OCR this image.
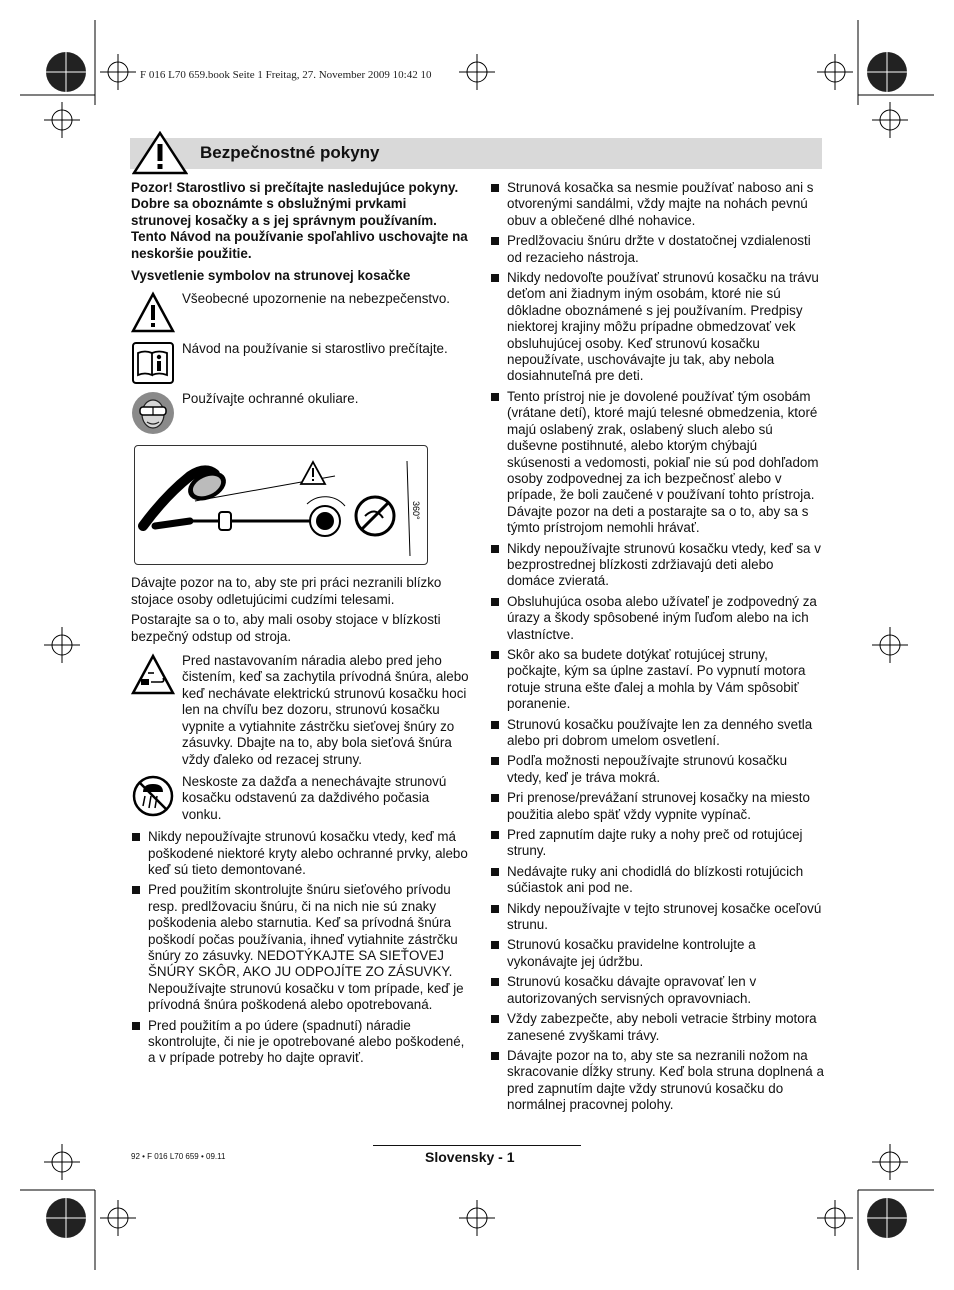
F 016 L70 659.book Seite 1 Freitag, 27. November 2009 10:42 10
Bezpečnostné pokyny

Pozor! Starostlivo si prečítajte nasledujúce pokyny. Dobre sa oboznámte s obslužnými prvkami strunovej kosačky a s jej správnym používaním. Tento Návod na používanie spoľahlivo uschovajte na neskoršie použitie.

Vysvetlenie symbolov na strunovej kosačke

Všeobecné upozornenie na nebezpečenstvo.
Návod na používanie si starostlivo prečítajte.
Používajte ochranné okuliare.
360°

Dávajte pozor na to, aby ste pri práci nezranili blízko stojace osoby odletujúcimi cudzími telesami.

Postarajte sa o to, aby mali osoby stojace v blízkosti bezpečný odstup od stroja.

Pred nastavovaním náradia alebo pred jeho čistením, keď sa zachytila prívodná šnúra, alebo keď nechávate elektrickú strunovú kosačku hoci len na chvíľu bez dozoru, strunovú kosačku vypnite a vytiahnite zástrčku sieťovej šnúry zo zásuvky. Dbajte na to, aby bola sieťová šnúra vždy ďaleko od rezacej struny.
Neskoste za dažďa a nenechávajte strunovú kosačku odstavenú za daždivého počasia vonku.
Nikdy nepoužívajte strunovú kosačku vtedy, keď má poškodené niektoré kryty alebo ochranné prvky, alebo keď sú tieto demontované.
Pred použitím skontrolujte šnúru sieťového prívodu resp. predlžovaciu šnúru, či na nich nie sú znaky poškodenia alebo starnutia. Keď sa prívodná šnúra poškodí počas používania, ihneď vytiahnite zástrčku šnúry zo zásuvky. NEDOTÝKAJTE SA SIEŤOVEJ ŠNÚRY SKÔR, AKO JU ODPOJÍTE ZO ZÁSUVKY. Nepoužívajte strunovú kosačku v tom prípade, keď je prívodná šnúra poškodená alebo opotrebovaná.
Pred použitím a po údere (spadnutí) náradie skontrolujte, či nie je opotrebované alebo poškodené, a v prípade potreby ho dajte opraviť.
Strunová kosačka sa nesmie používať naboso ani s otvorenými sandálmi, vždy majte na nohách pevnú obuv a oblečené dlhé nohavice.
Predlžovaciu šnúru držte v dostatočnej vzdialenosti od rezacieho nástroja.
Nikdy nedovoľte používať strunovú kosačku na trávu deťom ani žiadnym iným osobám, ktoré nie sú dôkladne oboznámené s jej používaním. Predpisy niektorej krajiny môžu prípadne obmedzovať vek obsluhujúcej osoby. Keď strunovú kosačku nepoužívate, uschovávajte ju tak, aby nebola dosiahnuteľná pre deti.
Tento prístroj nie je dovolené používať tým osobám (vrátane detí), ktoré majú telesné obmedzenia, ktoré majú oslabený zrak, oslabený sluch alebo sú duševne postihnuté, alebo ktorým chýbajú skúsenosti a vedomosti, pokiaľ nie sú pod dohľadom osoby zodpovednej za ich bezpečnosť alebo v prípade, že boli zaučené v používaní tohto prístroja. Dávajte pozor na deti a postarajte sa o to, aby sa s týmto prístrojom nemohli hrávať.
Nikdy nepoužívajte strunovú kosačku vtedy, keď sa v bezprostrednej blízkosti zdržiavajú deti alebo domáce zvieratá.
Obsluhujúca osoba alebo užívateľ je zodpovedný za úrazy a škody spôsobené iným ľuďom alebo na ich vlastníctve.
Skôr ako sa budete dotýkať rotujúcej struny, počkajte, kým sa úplne zastaví. Po vypnutí motora rotuje struna ešte ďalej a mohla by Vám spôsobiť poranenie.
Strunovú kosačku používajte len za denného svetla alebo pri dobrom umelom osvetlení.
Podľa možnosti nepoužívajte strunovú kosačku vtedy, keď je tráva mokrá.
Pri prenose/prevážaní strunovej kosačky na miesto použitia alebo späť vždy vypnite vypínač.
Pred zapnutím dajte ruky a nohy preč od rotujúcej struny.
Nedávajte ruky ani chodidlá do blízkosti rotujúcich súčiastok ani pod ne.
Nikdy nepoužívajte v tejto strunovej kosačke oceľovú strunu.
Strunovú kosačku pravidelne kontrolujte a vykonávajte jej údržbu.
Strunovú kosačku dávajte opravovať len v autorizovaných servisných opravovniach.
Vždy zabezpečte, aby neboli vetracie štrbiny motora zanesené zvyškami trávy.
Dávajte pozor na to, aby ste sa nezranili nožom na skracovanie dĺžky struny. Keď bola struna doplnená a pred zapnutím dajte vždy strunovú kosačku do normálnej pracovnej polohy.
92 • F 016 L70 659 • 09.11	Slovensky - 1
